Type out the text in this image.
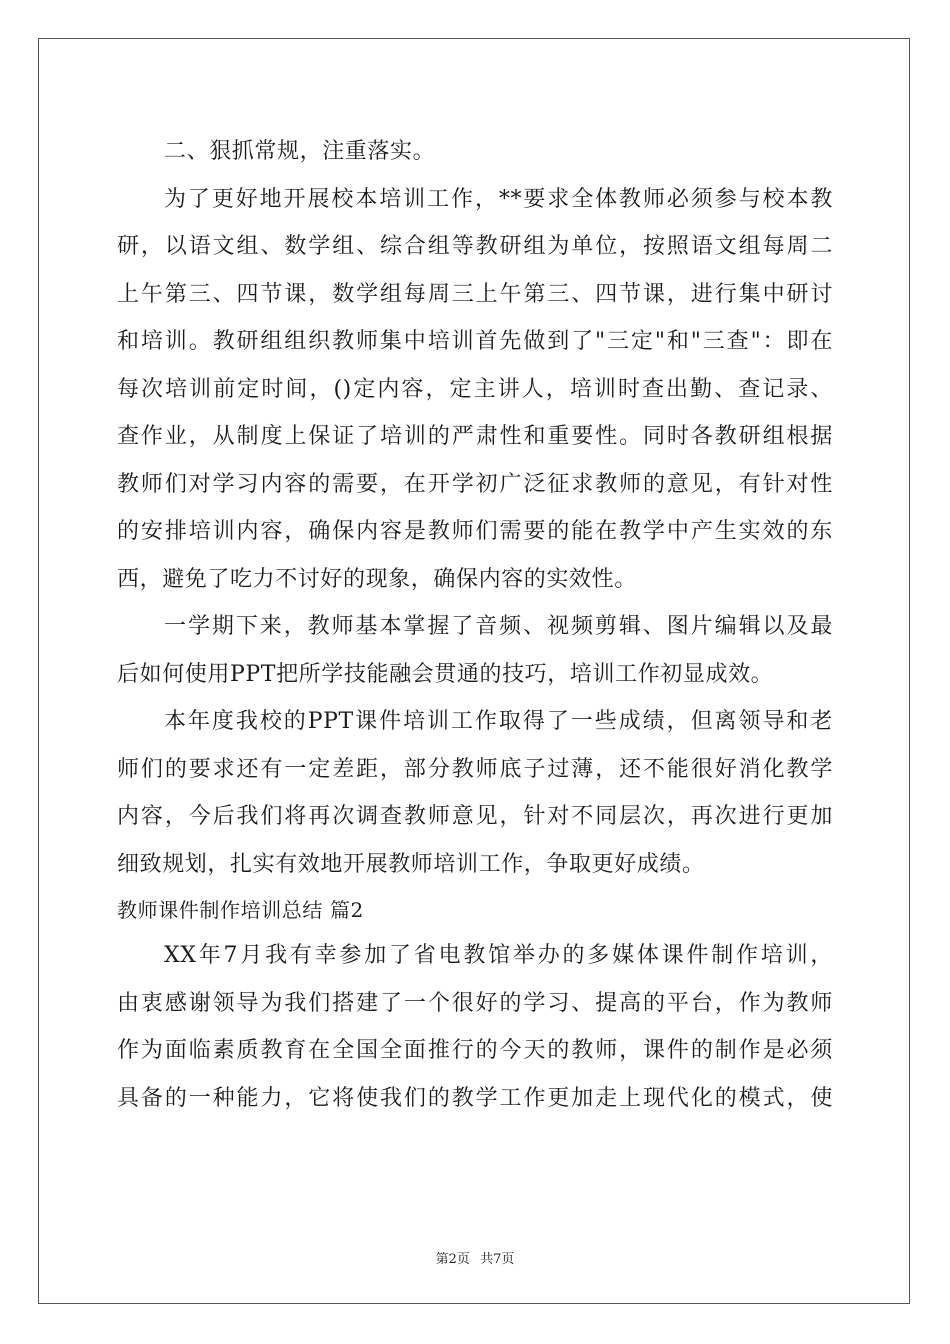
二、狠抓常规，注重落实。
为了更好地开展校本培训工作，**要求全体教师必须参与校本教
研，以语文组、数学组、综合组等教研组为单位，按照语文组每周二
上午第三、四节课，数学组每周三上午第三、四节课，进行集中研讨
和培训。教研组组织教师集中培训首先做到了"三定"和"三查"：即在
每次培训前定时间，()定内容，定主讲人，培训时查出勤、查记录、
查作业，从制度上保证了培训的严肃性和重要性。同时各教研组根据
教师们对学习内容的需要，在开学初广泛征求教师的意见，有针对性
的安排培训内容，确保内容是教师们需要的能在教学中产生实效的东
西，避免了吃力不讨好的现象，确保内容的实效性。
一学期下来，教师基本掌握了音频、视频剪辑、图片编辑以及最
后如何使用PPT把所学技能融会贯通的技巧，培训工作初显成效。
本年度我校的PPT课件培训工作取得了一些成绩，但离领导和老
师们的要求还有一定差距，部分教师底子过薄，还不能很好消化教学
内容，今后我们将再次调查教师意见，针对不同层次，再次进行更加
细致规划，扎实有效地开展教师培训工作，争取更好成绩。
教师课件制作培训总结 篇2
XX年7月我有幸参加了省电教馆举办的多媒体课件制作培训，
由衷感谢领导为我们搭建了一个很好的学习、提高的平台，作为教师
作为面临素质教育在全国全面推行的今天的教师，课件的制作是必须
具备的一种能力，它将使我们的教学工作更加走上现代化的模式，使
第2页 共7页
